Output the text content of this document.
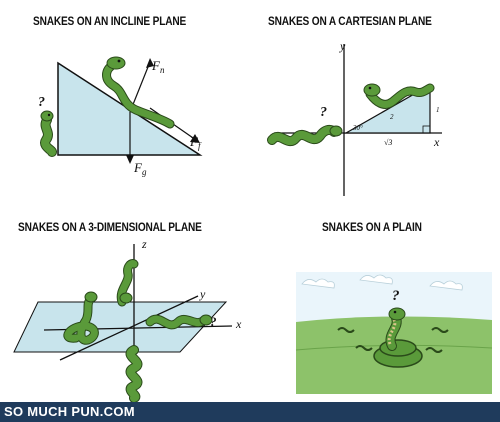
SNAKES ON AN INCLINE PLANE
?
$F_n$
$F_f$
$F_g$
SNAKES ON A CARTESIAN PLANE
y
x
30°
2
1
√3
?
SNAKES ON A 3-DIMENSIONAL PLANE
z
y
x
?
SNAKES ON A PLAIN
?
SO MUCH PUN.COM
